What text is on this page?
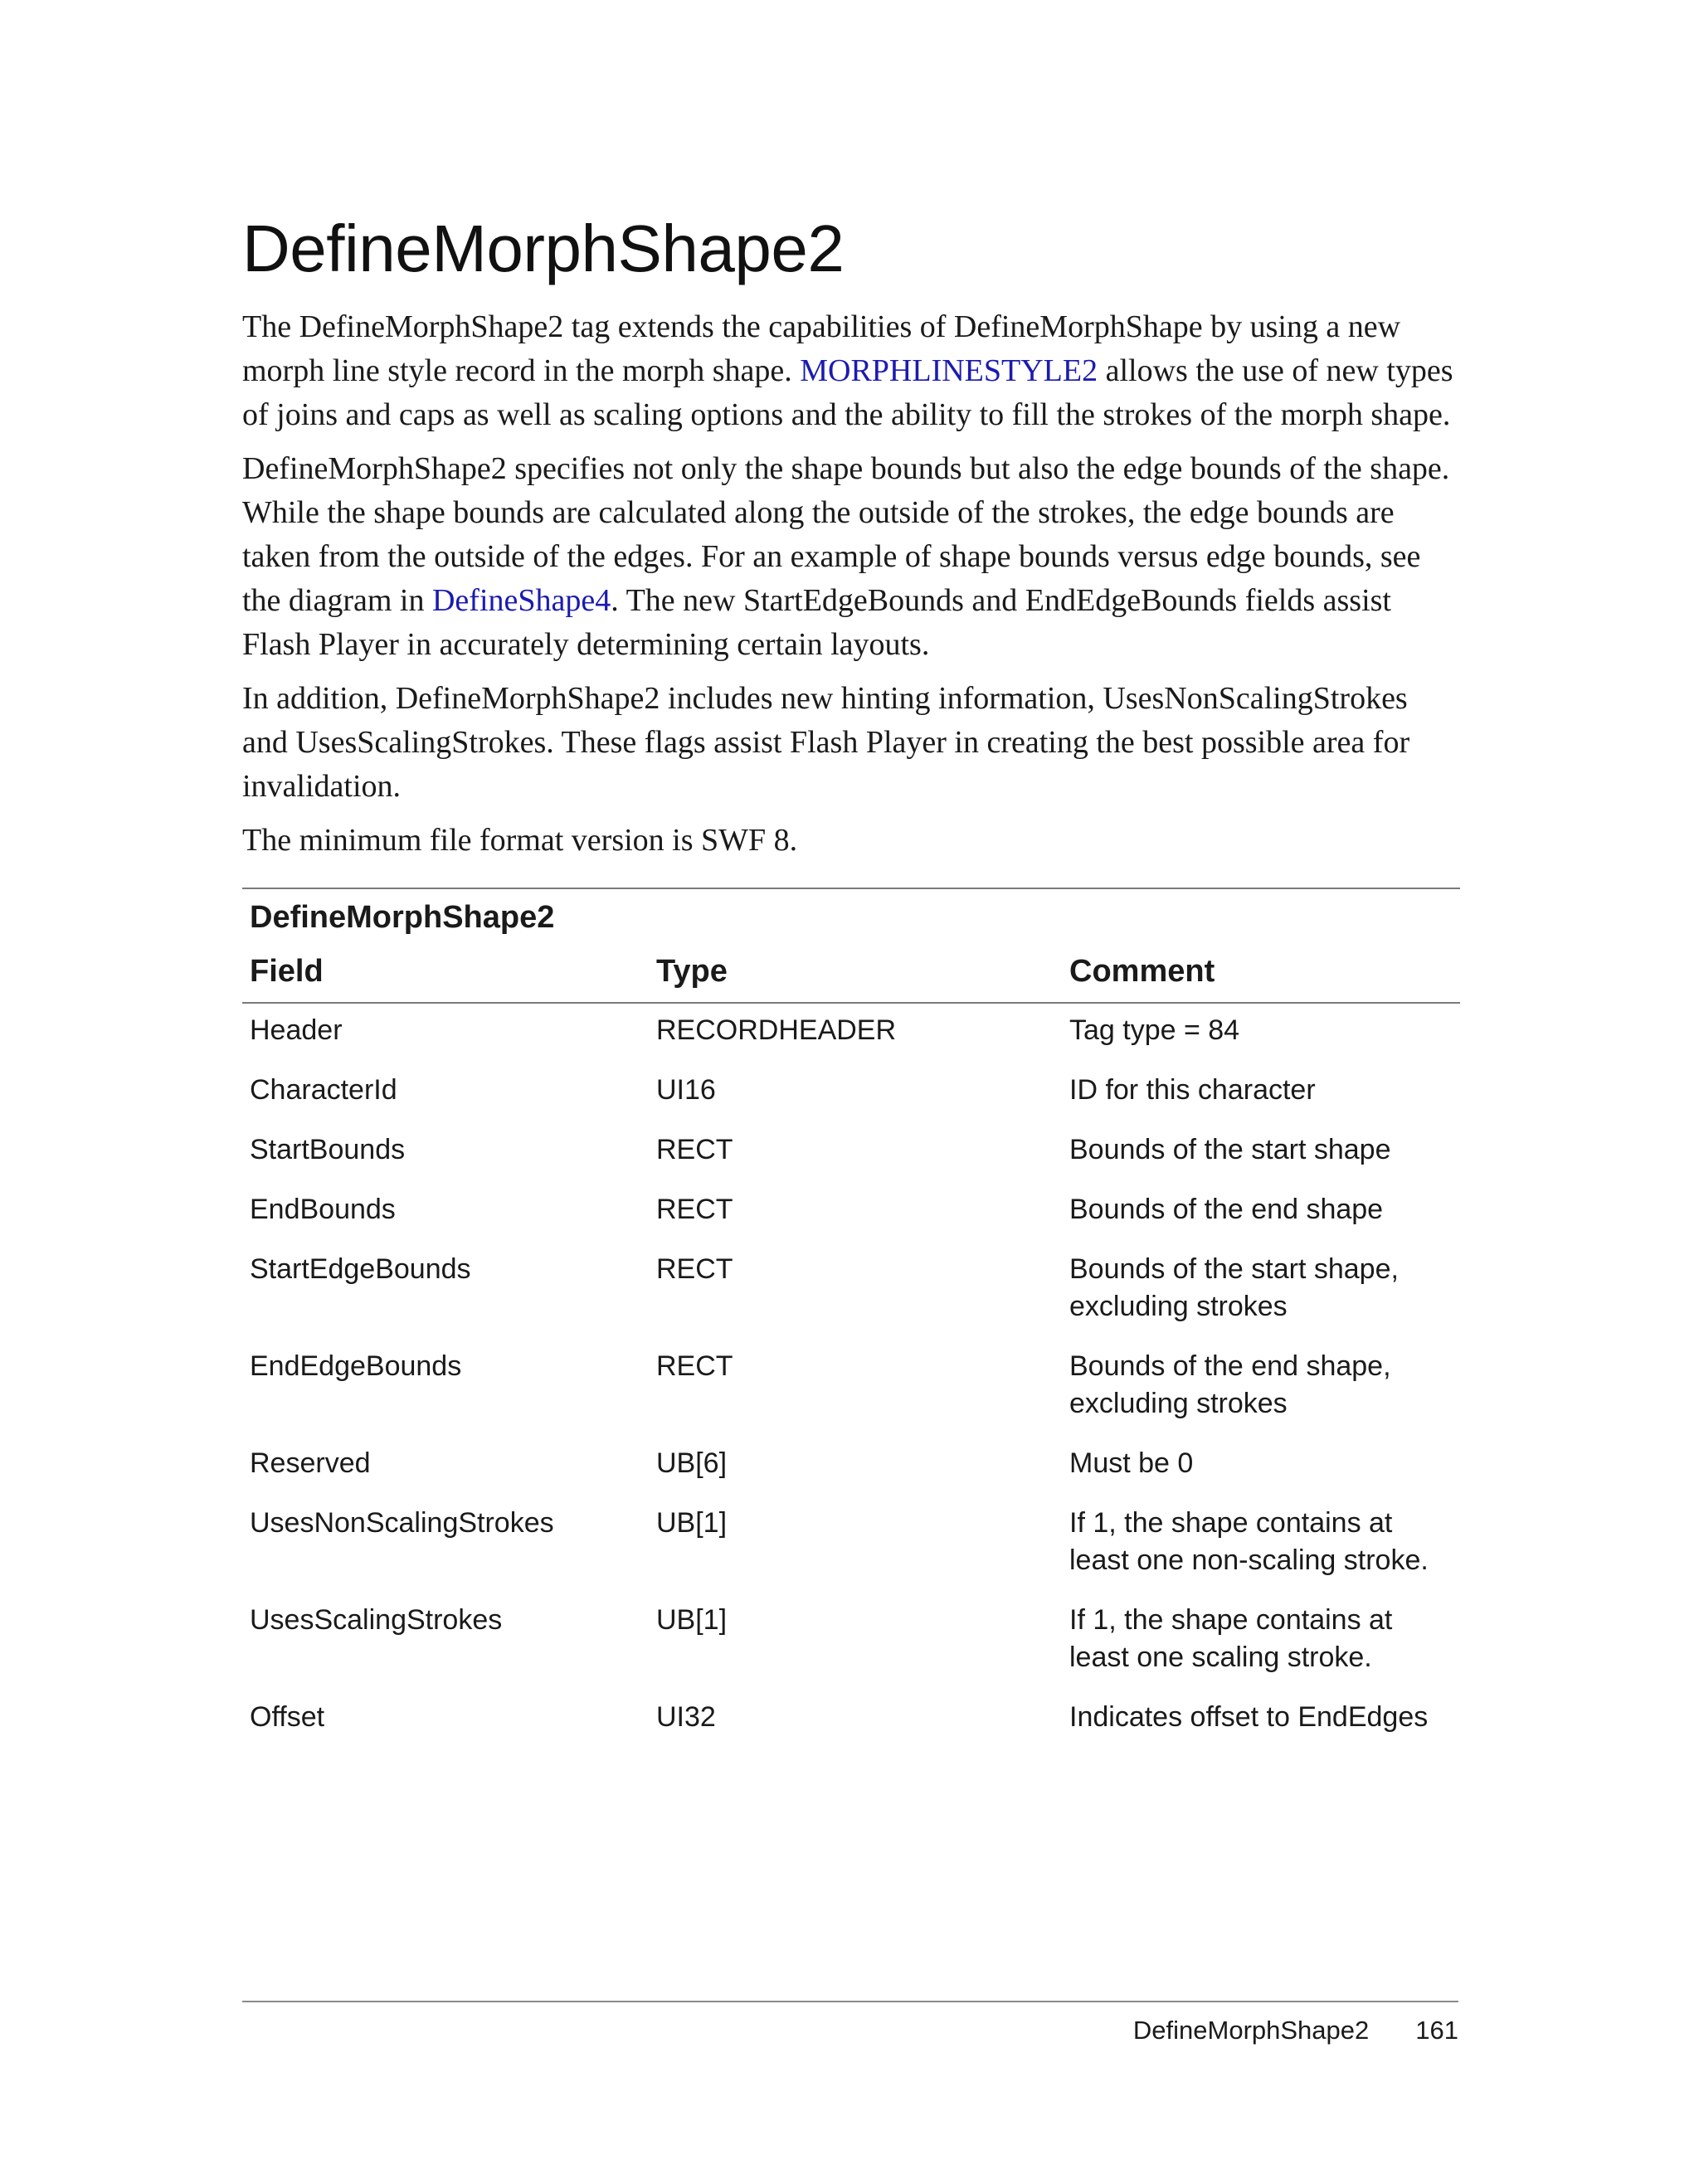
DefineMorphShape2

The DefineMorphShape2 tag extends the capabilities of DefineMorphShape by using a new morph line style record in the morph shape. MORPHLINESTYLE2 allows the use of new types of joins and caps as well as scaling options and the ability to fill the strokes of the morph shape.

DefineMorphShape2 specifies not only the shape bounds but also the edge bounds of the shape. While the shape bounds are calculated along the outside of the strokes, the edge bounds are taken from the outside of the edges. For an example of shape bounds versus edge bounds, see the diagram in DefineShape4. The new StartEdgeBounds and EndEdgeBounds fields assist Flash Player in accurately determining certain layouts.

In addition, DefineMorphShape2 includes new hinting information, UsesNonScalingStrokes and UsesScalingStrokes. These flags assist Flash Player in creating the best possible area for invalidation.

The minimum file format version is SWF 8.

DefineMorphShape2
Field	Type	Comment
Header	RECORDHEADER	Tag type = 84
CharacterId	UI16	ID for this character
StartBounds	RECT	Bounds of the start shape
EndBounds	RECT	Bounds of the end shape
StartEdgeBounds	RECT	Bounds of the start shape, excluding strokes
EndEdgeBounds	RECT	Bounds of the end shape, excluding strokes
Reserved	UB[6]	Must be 0
UsesNonScalingStrokes	UB[1]	If 1, the shape contains at least one non-scaling stroke.
UsesScalingStrokes	UB[1]	If 1, the shape contains at least one scaling stroke.
Offset	UI32	Indicates offset to EndEdges
DefineMorphShape2 161
